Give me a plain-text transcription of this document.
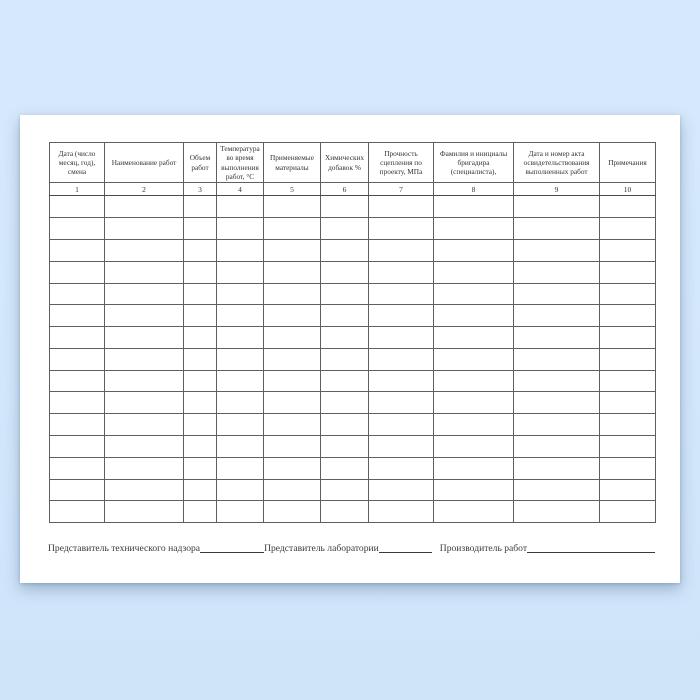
Дата (число месяц, год), смена	Наименование работ	Объем работ	Температура во время выполнения работ, °С	Применяемые материалы	Химических добавок %	Прочность сцепления по проекту, МПа	Фамилия и инициалы бригадира (специалиста),	Дата и номер акта освидетельствования выполненных работ	Примечания
1	2	3	4	5	6	7	8	9	10

Представитель технического надзора	Представитель лаборатории	Производитель работ
